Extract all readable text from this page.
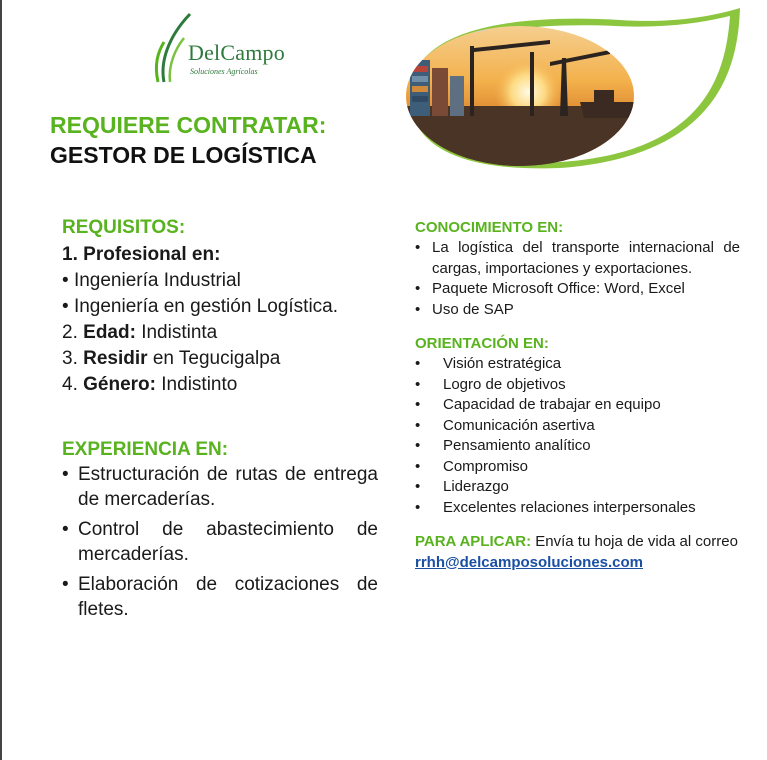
DelCampo
Soluciones Agrícolas
REQUIERE CONTRATAR:
GESTOR DE LOGÍSTICA

REQUISITOS:

1. Profesional en:
• Ingeniería Industrial
• Ingeniería en gestión Logística.
2. Edad: Indistinta
3. Residir en Tegucigalpa
4. Género: Indistinto

EXPERIENCIA EN:

• Estructuración de rutas de entrega de mercaderías.
• Control de abastecimiento de mercaderías.
• Elaboración de cotizaciones de fletes.

CONOCIMIENTO EN:

• La logística del transporte internacional de cargas, importaciones y exportaciones.
• Paquete Microsoft Office: Word, Excel
• Uso de SAP

ORIENTACIÓN EN:

•	Visión estratégica
•	Logro de objetivos
•	Capacidad de trabajar en equipo
•	Comunicación asertiva
•	Pensamiento analítico
•	Compromiso
•	Liderazgo
•	Excelentes relaciones interpersonales
PARA APLICAR: Envía tu hoja de vida al correo
rrhh@delcamposoluciones.com
